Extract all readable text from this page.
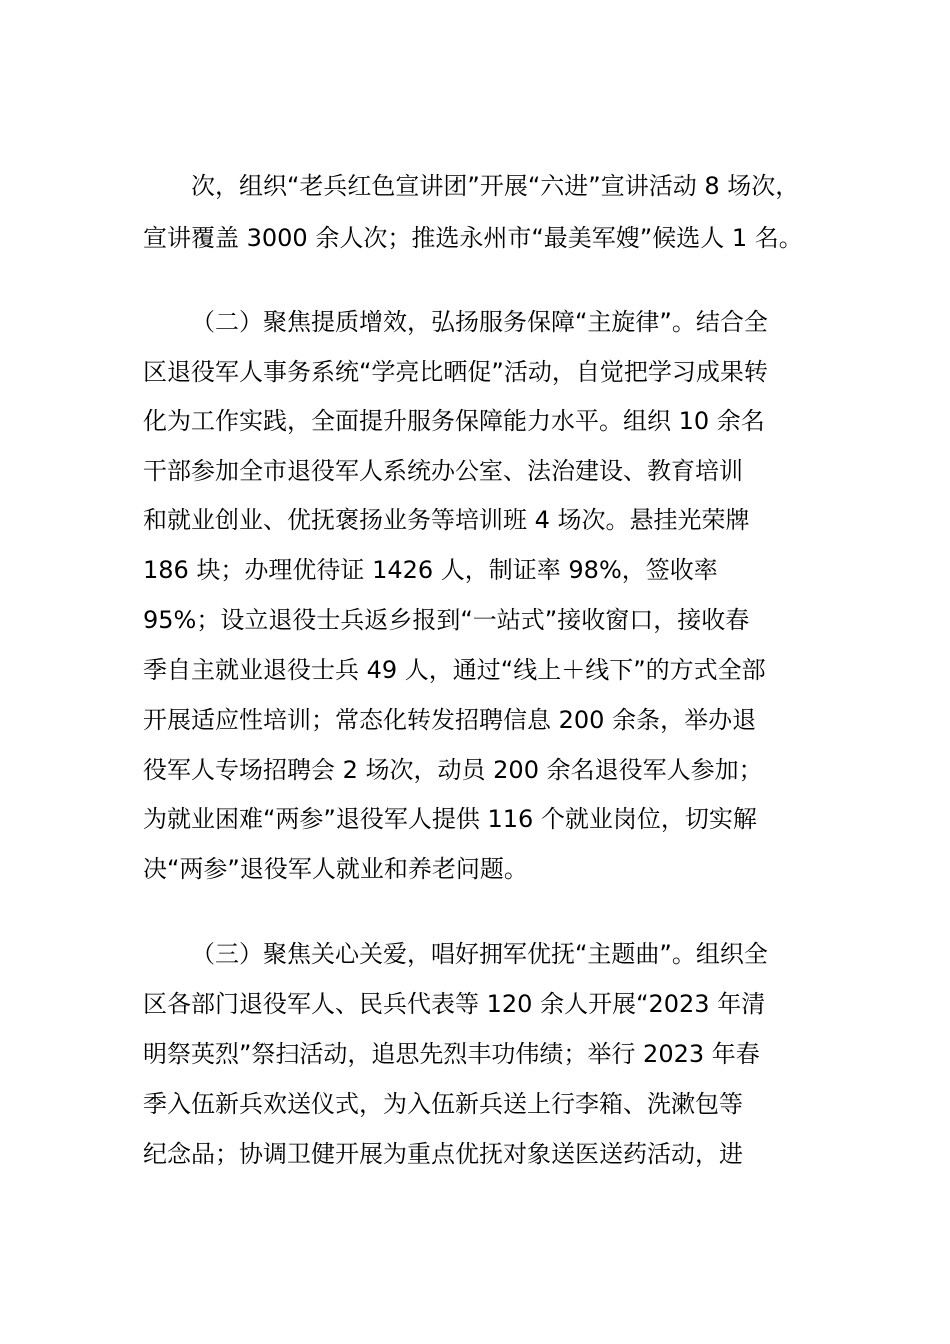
次，组织“老兵红色宣讲团”开展“六进”宣讲活动 8 场次，
宣讲覆盖 3000 余人次；推选永州市“最美军嫂”候选人 1 名。
（二）聚焦提质增效，弘扬服务保障“主旋律”。结合全
区退役军人事务系统“学亮比晒促”活动，自觉把学习成果转
化为工作实践，全面提升服务保障能力水平。组织 10 余名
干部参加全市退役军人系统办公室、法治建设、教育培训
和就业创业、优抚褒扬业务等培训班 4 场次。悬挂光荣牌
186 块；办理优待证 1426 人，制证率 98%，签收率
95%；设立退役士兵返乡报到“一站式”接收窗口，接收春
季自主就业退役士兵 49 人，通过“线上＋线下”的方式全部
开展适应性培训；常态化转发招聘信息 200 余条，举办退
役军人专场招聘会 2 场次，动员 200 余名退役军人参加；
为就业困难“两参”退役军人提供 116 个就业岗位，切实解
决“两参”退役军人就业和养老问题。
（三）聚焦关心关爱，唱好拥军优抚“主题曲”。组织全
区各部门退役军人、民兵代表等 120 余人开展“2023 年清
明祭英烈”祭扫活动，追思先烈丰功伟绩；举行 2023 年春
季入伍新兵欢送仪式，为入伍新兵送上行李箱、洗漱包等
纪念品；协调卫健开展为重点优抚对象送医送药活动，进
